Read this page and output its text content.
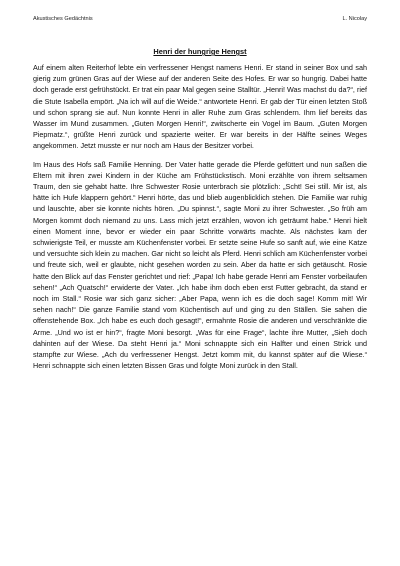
Akustisches Gedächtnis	L. Nicolay
Henri der hungrige Hengst

Auf einem alten Reiterhof lebte ein verfressener Hengst namens Henri. Er stand in seiner Box und sah gierig zum grünen Gras auf der Wiese auf der anderen Seite des Hofes. Er war so hungrig. Dabei hatte doch gerade erst gefrühstückt. Er trat ein paar Mal gegen seine Stalltür. „Henri! Was machst du da?“, rief die Stute Isabella empört. „Na ich will auf die Weide.“ antwortete Henri. Er gab der Tür einen letzten Stoß und schon sprang sie auf. Nun konnte Henri in aller Ruhe zum Gras schlendern. Ihm lief bereits das Wasser im Mund zusammen. „Guten Morgen Henri!“, zwitscherte ein Vogel im Baum. „Guten Morgen Piepmatz.“, grüßte Henri zurück und spazierte weiter. Er war bereits in der Hälfte seines Weges angekommen. Jetzt musste er nur noch am Haus der Besitzer vorbei.

Im Haus des Hofs saß Familie Henning. Der Vater hatte gerade die Pferde gefüttert und nun saßen die Eltern mit ihren zwei Kindern in der Küche am Frühstückstisch. Moni erzählte von ihrem seltsamen Traum, den sie gehabt hatte. Ihre Schwester Rosie unterbrach sie plötzlich: „Scht! Sei still. Mir ist, als hätte ich Hufe klappern gehört.“ Henri hörte, das und blieb augenblicklich stehen. Die Familie war ruhig und lauschte, aber sie konnte nichts hören. „Du spinnst.“, sagte Moni zu ihrer Schwester. „So früh am Morgen kommt doch niemand zu uns. Lass mich jetzt erzählen, wovon ich geträumt habe.“ Henri hielt einen Moment inne, bevor er wieder ein paar Schritte vorwärts machte. Als nächstes kam der schwierigste Teil, er musste am Küchenfenster vorbei. Er setzte seine Hufe so sanft auf, wie eine Katze und versuchte sich klein zu machen. Gar nicht so leicht als Pferd. Henri schlich am Küchenfenster vorbei und freute sich, weil er glaubte, nicht gesehen worden zu sein. Aber da hatte er sich getäuscht. Rosie hatte den Blick auf das Fenster gerichtet und rief: „Papa! Ich habe gerade Henri am Fenster vorbeilaufen sehen!“ „Ach Quatsch!“ erwiderte der Vater. „Ich habe ihm doch eben erst Futter gebracht, da stand er noch im Stall.“ Rosie war sich ganz sicher: „Aber Papa, wenn ich es die doch sage! Komm mit! Wir sehen nach!“ Die ganze Familie stand vom Küchentisch auf und ging zu den Ställen. Sie sahen die offenstehende Box. „Ich habe es euch doch gesagt!“, ermahnte Rosie die anderen und verschränkte die Arme. „Und wo ist er hin?“, fragte Moni besorgt. „Was für eine Frage“, lachte ihre Mutter, „Sieh doch dahinten auf der Wiese. Da steht Henri ja.“ Moni schnappte sich ein Halfter und einen Strick und stampfte zur Wiese. „Ach du verfressener Hengst. Jetzt komm mit, du kannst später auf die Wiese.“ Henri schnappte sich einen letzten Bissen Gras und folgte Moni zurück in den Stall.
